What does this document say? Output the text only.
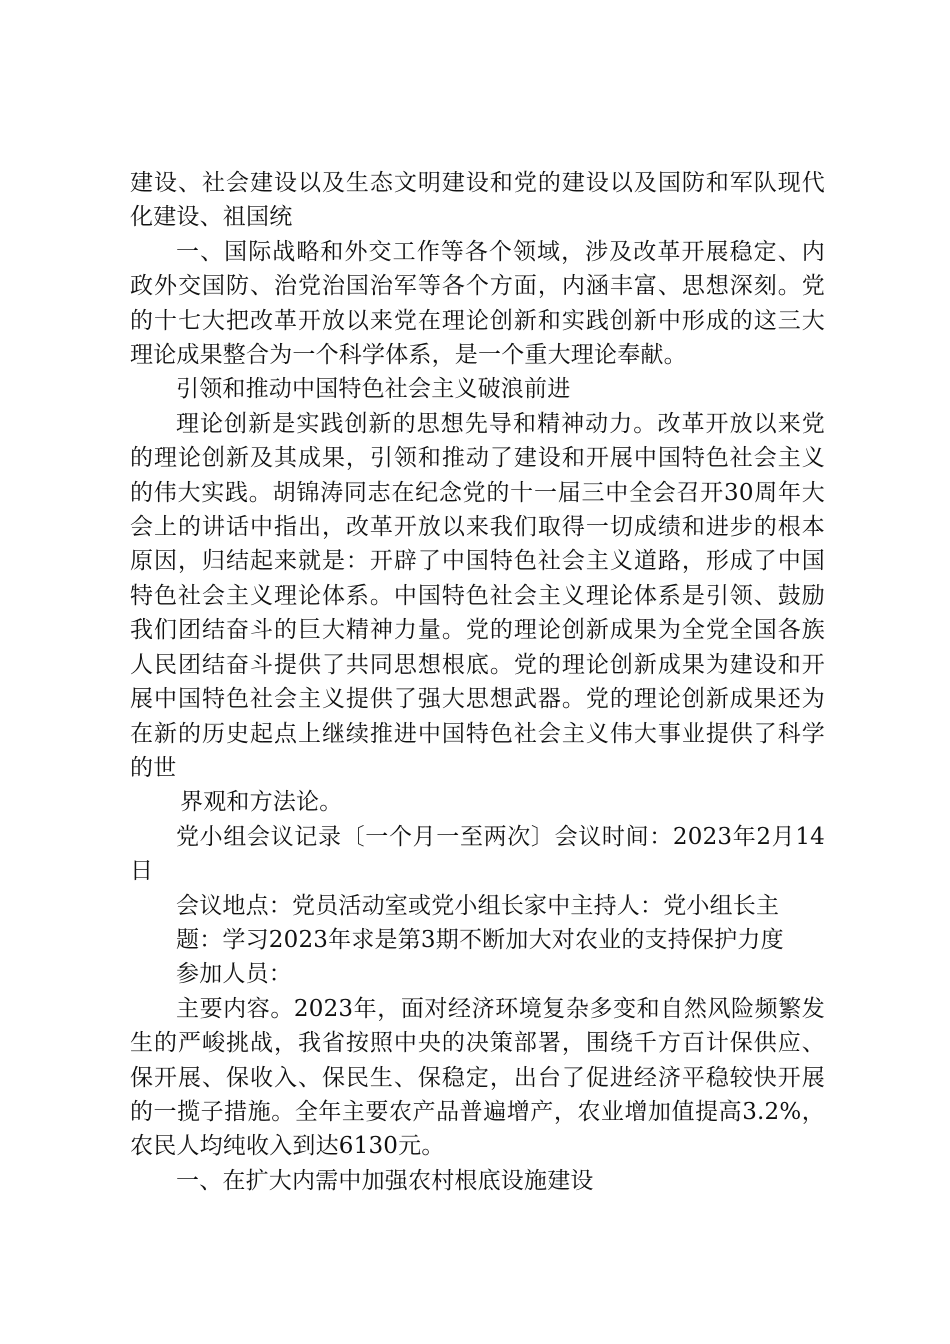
建设、社会建设以及生态文明建设和党的建设以及国防和军队现代化建设、祖国统

一、国际战略和外交工作等各个领域，涉及改革开展稳定、内政外交国防、治党治国治军等各个方面，内涵丰富、思想深刻。党的十七大把改革开放以来党在理论创新和实践创新中形成的这三大理论成果整合为一个科学体系，是一个重大理论奉献。

引领和推动中国特色社会主义破浪前进

理论创新是实践创新的思想先导和精神动力。改革开放以来党的理论创新及其成果，引领和推动了建设和开展中国特色社会主义的伟大实践。胡锦涛同志在纪念党的十一届三中全会召开30周年大会上的讲话中指出，改革开放以来我们取得一切成绩和进步的根本原因，归结起来就是：开辟了中国特色社会主义道路，形成了中国特色社会主义理论体系。中国特色社会主义理论体系是引领、鼓励我们团结奋斗的巨大精神力量。党的理论创新成果为全党全国各族人民团结奋斗提供了共同思想根底。党的理论创新成果为建设和开展中国特色社会主义提供了强大思想武器。党的理论创新成果还为在新的历史起点上继续推进中国特色社会主义伟大事业提供了科学的世

界观和方法论。

党小组会议记录〔一个月一至两次〕会议时间：2023年2月14日

会议地点：党员活动室或党小组长家中主持人：党小组长主

题：学习2023年求是第3期不断加大对农业的支持保护力度

参加人员：

主要内容。2023年，面对经济环境复杂多变和自然风险频繁发生的严峻挑战，我省按照中央的决策部署，围绕千方百计保供应、保开展、保收入、保民生、保稳定，出台了促进经济平稳较快开展的一揽子措施。全年主要农产品普遍增产，农业增加值提高3.2%，农民人均纯收入到达6130元。

一、在扩大内需中加强农村根底设施建设
